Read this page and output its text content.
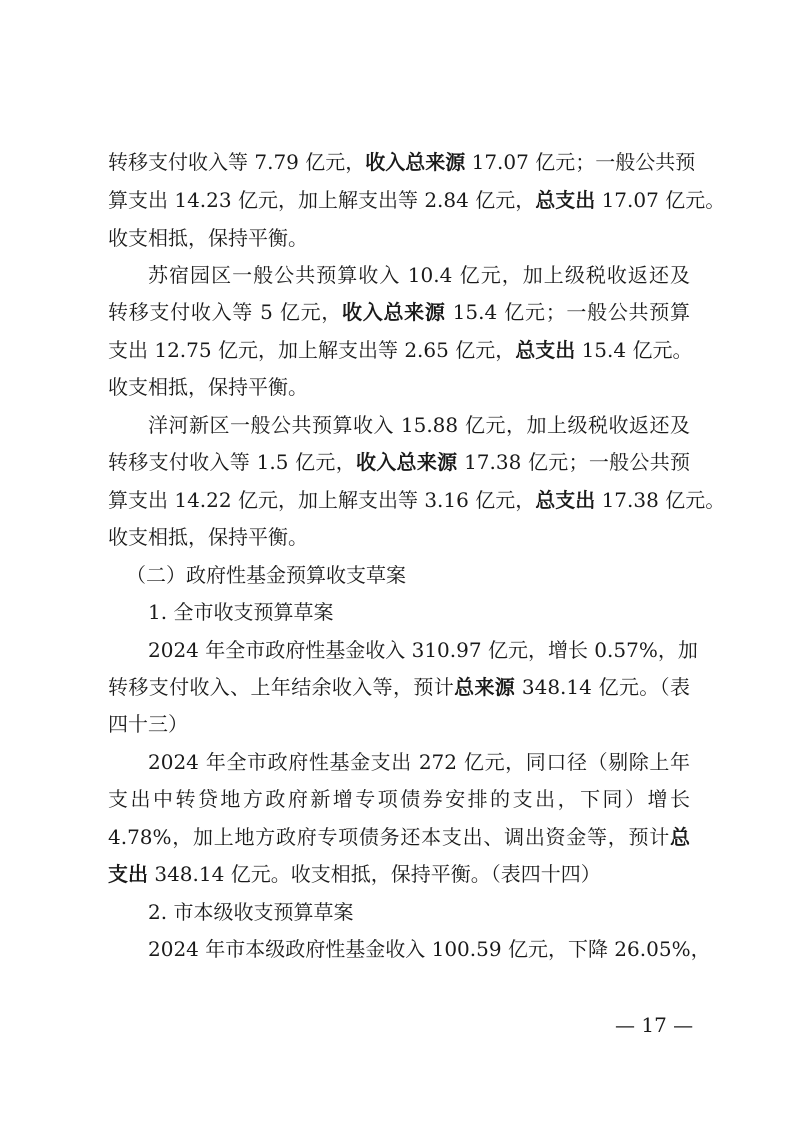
转移支付收入等 7.79 亿元，收入总来源 17.07 亿元；一般公共预
算支出 14.23 亿元，加上解支出等 2.84 亿元，总支出 17.07 亿元。
收支相抵，保持平衡。
苏宿园区一般公共预算收入 10.4 亿元，加上级税收返还及
转移支付收入等 5 亿元，收入总来源 15.4 亿元；一般公共预算
支出 12.75 亿元，加上解支出等 2.65 亿元，总支出 15.4 亿元。
收支相抵，保持平衡。
洋河新区一般公共预算收入 15.88 亿元，加上级税收返还及
转移支付收入等 1.5 亿元，收入总来源 17.38 亿元；一般公共预
算支出 14.22 亿元，加上解支出等 3.16 亿元，总支出 17.38 亿元。
收支相抵，保持平衡。
（二）政府性基金预算收支草案
1. 全市收支预算草案
2024 年全市政府性基金收入 310.97 亿元，增长 0.57%，加
转移支付收入、上年结余收入等，预计总来源 348.14 亿元。（表
四十三）
2024 年全市政府性基金支出 272 亿元，同口径（剔除上年
支出中转贷地方政府新增专项债券安排的支出，下同）增长
4.78%，加上地方政府专项债务还本支出、调出资金等，预计总
支出 348.14 亿元。收支相抵，保持平衡。（表四十四）
2. 市本级收支预算草案
2024 年市本级政府性基金收入 100.59 亿元，下降 26.05%，
— 17 —
